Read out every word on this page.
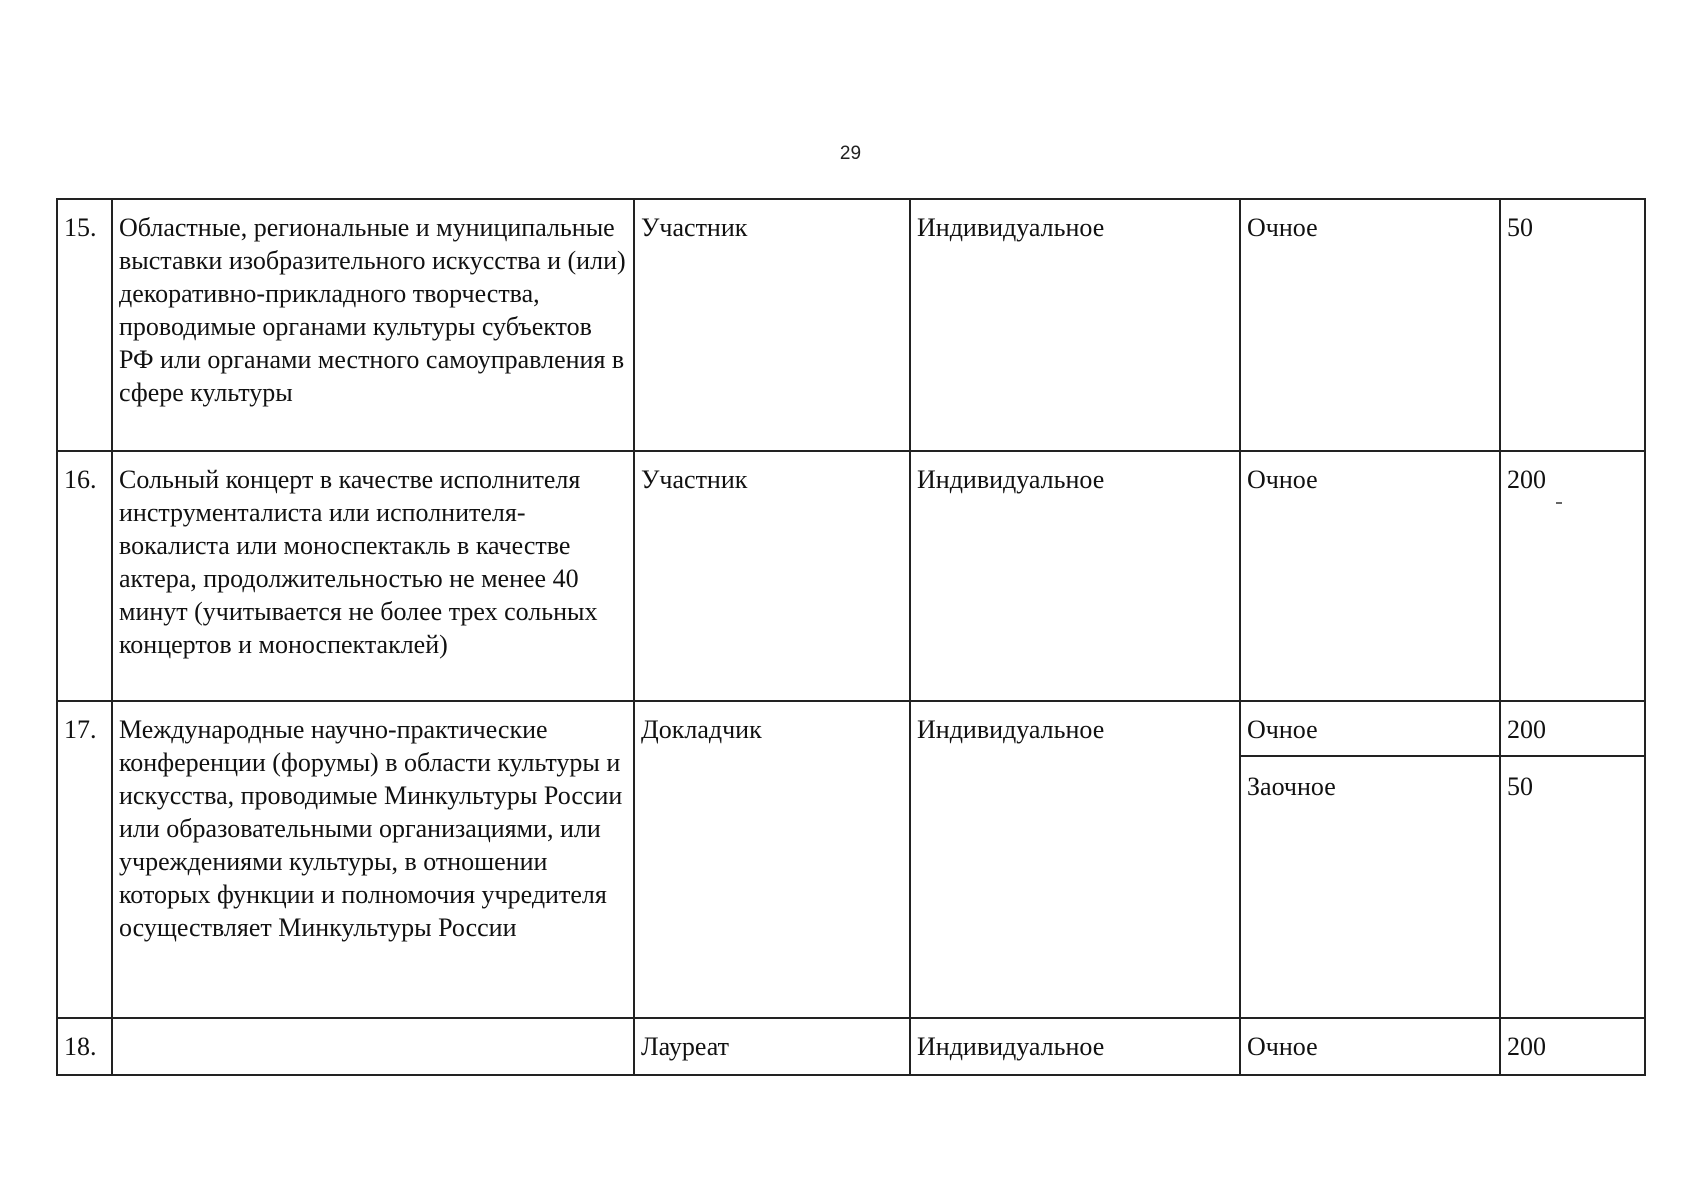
29
15.	Областные, региональные и муниципальные выставки изобразительного искусства и (или) декоративно-прикладного творчества, проводимые органами культуры субъектов РФ или органами местного самоуправления в сфере культуры	Участник	Индивидуальное	Очное	50
16.	Сольный концерт в качестве исполнителя инструменталиста или исполнителя-вокалиста или моноспектакль в качестве актера, продолжительностью не менее 40 минут (учитывается не более трех сольных концертов и моноспектаклей)	Участник	Индивидуальное	Очное	200
17.	Международные научно-практические конференции (форумы) в области культуры и искусства, проводимые Минкультуры России или образовательными организациями, или учреждениями культуры, в отношении которых функции и полномочия учредителя осуществляет Минкультуры России	Докладчик	Индивидуальное	Очное	200
				Заочное	50
18.		Лауреат	Индивидуальное	Очное	200
